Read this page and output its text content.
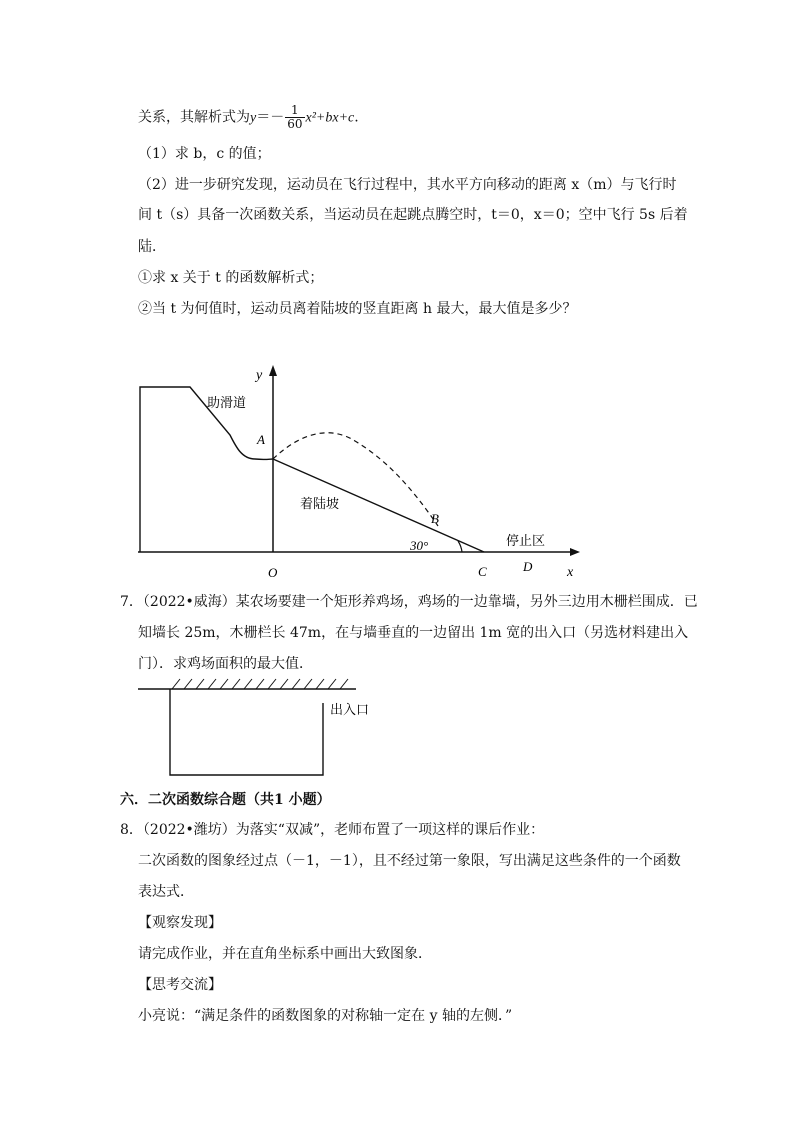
关系，其解析式为$y=- \frac{1}{60} x^2+bx+c$.
（1）求 b，c 的值；
（2）进一步研究发现，运动员在飞行过程中，其水平方向移动的距离 x（m）与飞行时
间 t（s）具备一次函数关系，当运动员在起跳点腾空时，t＝0，x＝0；空中飞行 5s 后着
陆．
①求 x 关于 t 的函数解析式；
②当 t 为何值时，运动员离着陆坡的竖直距离 h 最大，最大值是多少？
y
x
O
A
B
C	D
助滑道
着陆坡
停止区
30°
7．（2022•威海）某农场要建一个矩形养鸡场，鸡场的一边靠墙，另外三边用木栅栏围成．已
知墙长 25m，木栅栏长 47m，在与墙垂直的一边留出 1m 宽的出入口（另选材料建出入
门）．求鸡场面积的最大值．
出入口
六．二次函数综合题（共1 小题）
8．（2022•潍坊）为落实“双减”，老师布置了一项这样的课后作业：
二次函数的图象经过点（－1，－1），且不经过第一象限，写出满足这些条件的一个函数
表达式．
【观察发现】
请完成作业，并在直角坐标系中画出大致图象．
【思考交流】
小亮说：“满足条件的函数图象的对称轴一定在 y 轴的左侧．”
